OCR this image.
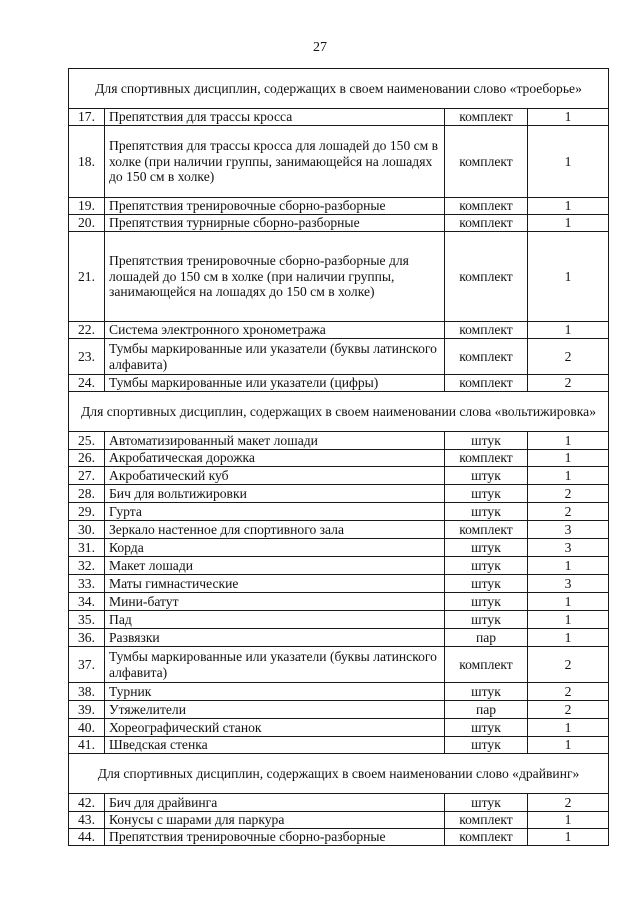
27
Для спортивных дисциплин, содержащих в своем наименовании слово «троеборье»			
17.	Препятствия для трассы кросса	комплект	1
18.	Препятствия для трассы кросса для лошадей до 150 см в холке (при наличии группы, занимающейся на лошадях до 150 см в холке)	комплект	1
19.	Препятствия тренировочные сборно-разборные	комплект	1
20.	Препятствия турнирные сборно-разборные	комплект	1
21.	Препятствия тренировочные сборно-разборные для лошадей до 150 см в холке (при наличии группы, занимающейся на лошадях до 150 см в холке)	комплект	1
22.	Система электронного хронометража	комплект	1
23.	Тумбы маркированные или указатели (буквы латинского алфавита)	комплект	2
24.	Тумбы маркированные или указатели (цифры)	комплект	2
Для спортивных дисциплин, содержащих в своем наименовании слова «вольтижировка»			
25.	Автоматизированный макет лошади	штук	1
26.	Акробатическая дорожка	комплект	1
27.	Акробатический куб	штук	1
28.	Бич для вольтижировки	штук	2
29.	Гурта	штук	2
30.	Зеркало настенное для спортивного зала	комплект	3
31.	Корда	штук	3
32.	Макет лошади	штук	1
33.	Маты гимнастические	штук	3
34.	Мини-батут	штук	1
35.	Пад	штук	1
36.	Развязки	пар	1
37.	Тумбы маркированные или указатели (буквы латинского алфавита)	комплект	2
38.	Турник	штук	2
39.	Утяжелители	пар	2
40.	Хореографический станок	штук	1
41.	Шведская стенка	штук	1
Для спортивных дисциплин, содержащих в своем наименовании слово «драйвинг»			
42.	Бич для драйвинга	штук	2
43.	Конусы с шарами для паркура	комплект	1
44.	Препятствия тренировочные сборно-разборные	комплект	1
